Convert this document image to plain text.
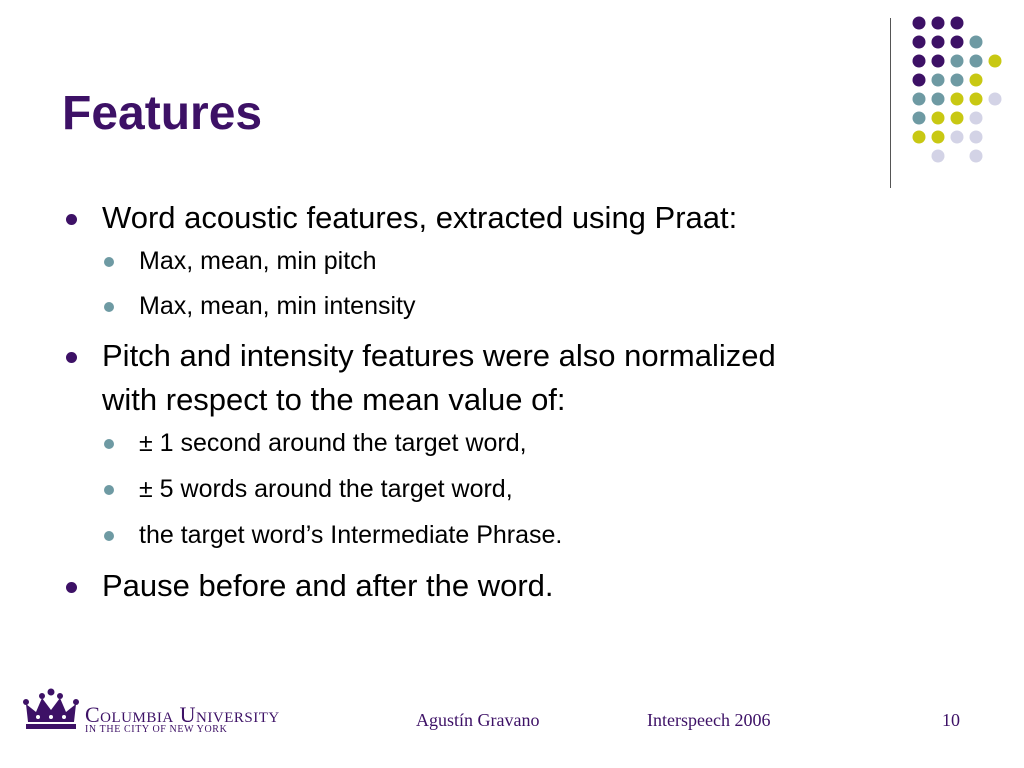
Features
Word acoustic features, extracted using Praat:
Max, mean, min pitch
Max, mean, min intensity
Pitch and intensity features were also normalized
with respect to the mean value of:
± 1 second around the target word,
± 5 words around the target word,
the target word’s Intermediate Phrase.
Pause before and after the word.
Columbia University
IN THE CITY OF NEW YORK	Agustín Gravano	Interspeech 2006	10
